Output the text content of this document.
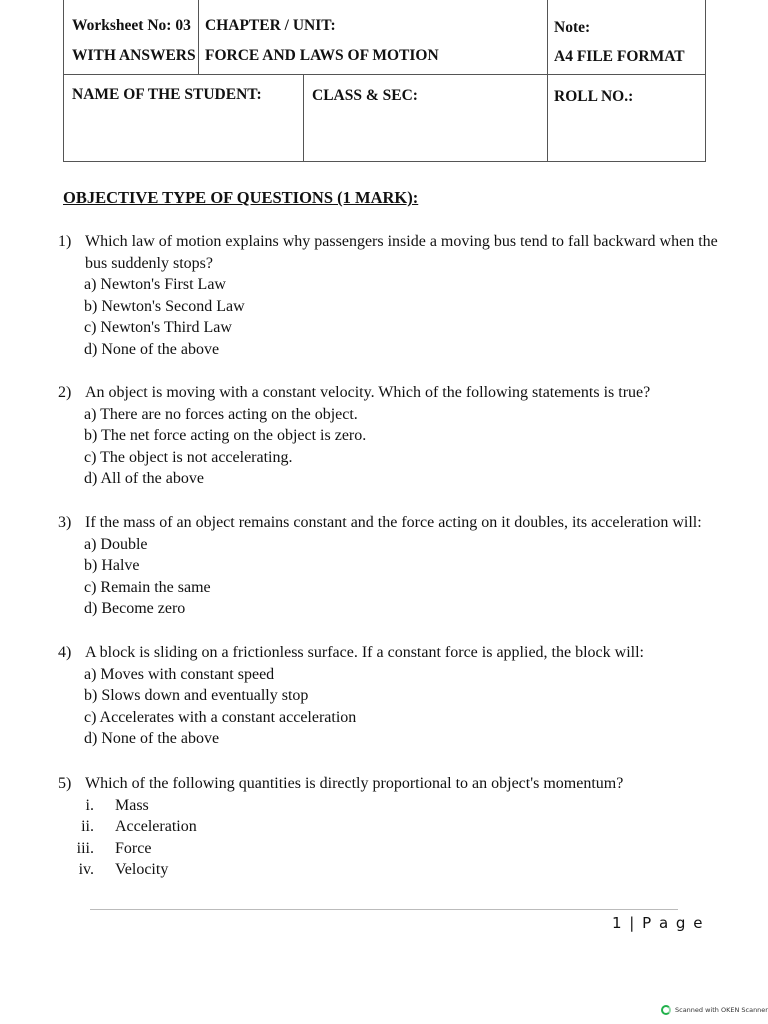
Worksheet No: 03
WITH ANSWERS
CHAPTER / UNIT:
FORCE AND LAWS OF MOTION
Note:
A4 FILE FORMAT
NAME OF THE STUDENT:	CLASS & SEC:	ROLL NO.:
OBJECTIVE TYPE OF QUESTIONS (1 MARK):
1) Which law of motion explains why passengers inside a moving bus tend to fall backward when the
bus suddenly stops?
a) Newton's First Law
b) Newton's Second Law
c) Newton's Third Law
d) None of the above
2) An object is moving with a constant velocity. Which of the following statements is true?
a) There are no forces acting on the object.
b) The net force acting on the object is zero.
c) The object is not accelerating.
d) All of the above
3) If the mass of an object remains constant and the force acting on it doubles, its acceleration will:
a) Double
b) Halve
c) Remain the same
d) Become zero
4) A block is sliding on a frictionless surface. If a constant force is applied, the block will:
a) Moves with constant speed
b) Slows down and eventually stop
c) Accelerates with a constant acceleration
d) None of the above
5) Which of the following quantities is directly proportional to an object's momentum?
i. Mass
ii. Acceleration
iii. Force
iv. Velocity
1 | P a g e
Scanned with OKEN Scanner
